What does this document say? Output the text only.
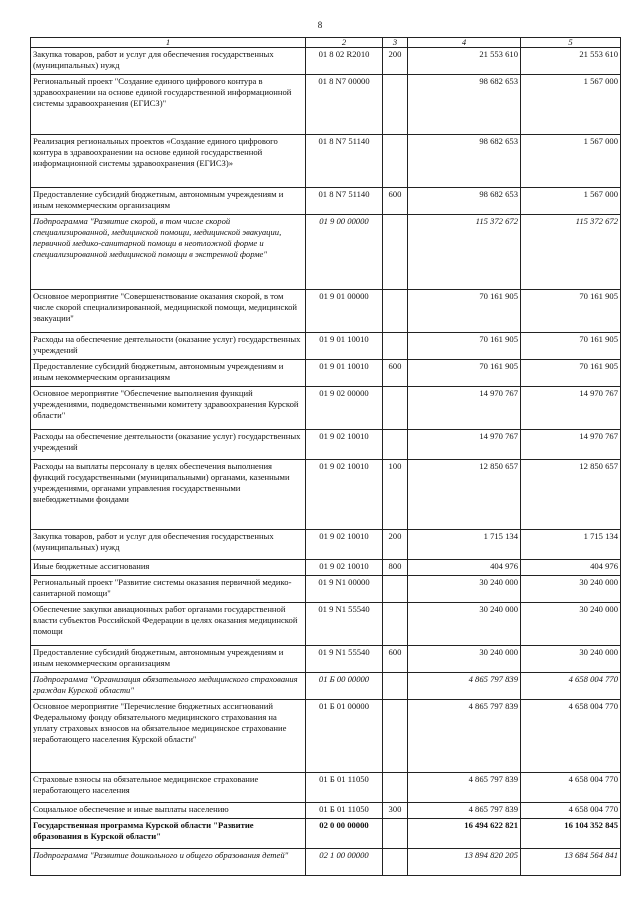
8
1	2	3	4	5
Закупка товаров, работ и услуг для обеспечения государственных (муниципальных) нужд	01 8 02 R2010	200	21 553 610	21 553 610
Региональный проект "Создание единого цифрового контура в здравоохранении на основе единой государственной информационной системы здравоохранения (ЕГИСЗ)"	01 8 N7 00000		98 682 653	1 567 000
Реализация региональных проектов «Создание единого цифрового контура в здравоохранении на основе единой государственной информационной системы здравоохранения (ЕГИСЗ)»	01 8 N7 51140		98 682 653	1 567 000
Предоставление субсидий бюджетным, автономным учреждениям и иным некоммерческим организациям	01 8 N7 51140	600	98 682 653	1 567 000
Подпрограмма "Развитие скорой, в том числе скорой специализированной, медицинской помощи, медицинской эвакуации, первичной медико-санитарной помощи в неотложной форме и специализированной медицинской помощи в экстренной форме"	01 9 00 00000		115 372 672	115 372 672
Основное мероприятие "Совершенствование оказания скорой, в том числе скорой специализированной, медицинской помощи, медицинской эвакуации"	01 9 01 00000		70 161 905	70 161 905
Расходы на обеспечение деятельности (оказание услуг) государственных учреждений	01 9 01 10010		70 161 905	70 161 905
Предоставление субсидий бюджетным, автономным учреждениям и иным некоммерческим организациям	01 9 01 10010	600	70 161 905	70 161 905
Основное мероприятие "Обеспечение выполнения функций учреждениями, подведомственными комитету здравоохранения Курской области"	01 9 02 00000		14 970 767	14 970 767
Расходы на обеспечение деятельности (оказание услуг) государственных учреждений	01 9 02 10010		14 970 767	14 970 767
Расходы на выплаты персоналу в целях обеспечения выполнения функций государственными (муниципальными) органами, казенными учреждениями, органами управления государственными внебюджетными фондами	01 9 02 10010	100	12 850 657	12 850 657
Закупка товаров, работ и услуг для обеспечения государственных (муниципальных) нужд	01 9 02 10010	200	1 715 134	1 715 134
Иные бюджетные ассигнования	01 9 02 10010	800	404 976	404 976
Региональный проект "Развитие системы оказания первичной медико-санитарной помощи"	01 9 N1 00000		30 240 000	30 240 000
Обеспечение закупки авиационных работ органами государственной власти субъектов Российской Федерации в целях оказания медицинской помощи	01 9 N1 55540		30 240 000	30 240 000
Предоставление субсидий бюджетным, автономным учреждениям и иным некоммерческим организациям	01 9 N1 55540	600	30 240 000	30 240 000
Подпрограмма "Организация обязательного медицинского страхования граждан Курской области"	01 Б 00 00000		4 865 797 839	4 658 004 770
Основное мероприятие "Перечисление бюджетных ассигнований Федеральному фонду обязательного медицинского страхования на уплату страховых взносов на обязательное медицинское страхование неработающего населения Курской области"	01 Б 01 00000		4 865 797 839	4 658 004 770
Страховые взносы на обязательное медицинское страхование неработающего населения	01 Б 01 11050		4 865 797 839	4 658 004 770
Социальное обеспечение и иные выплаты населению	01 Б 01 11050	300	4 865 797 839	4 658 004 770
Государственная программа Курской области "Развитие образования в Курской области"	02 0 00 00000		16 494 622 821	16 104 352 845
Подпрограмма "Развитие дошкольного и общего образования детей"	02 1 00 00000		13 894 820 205	13 684 564 841
